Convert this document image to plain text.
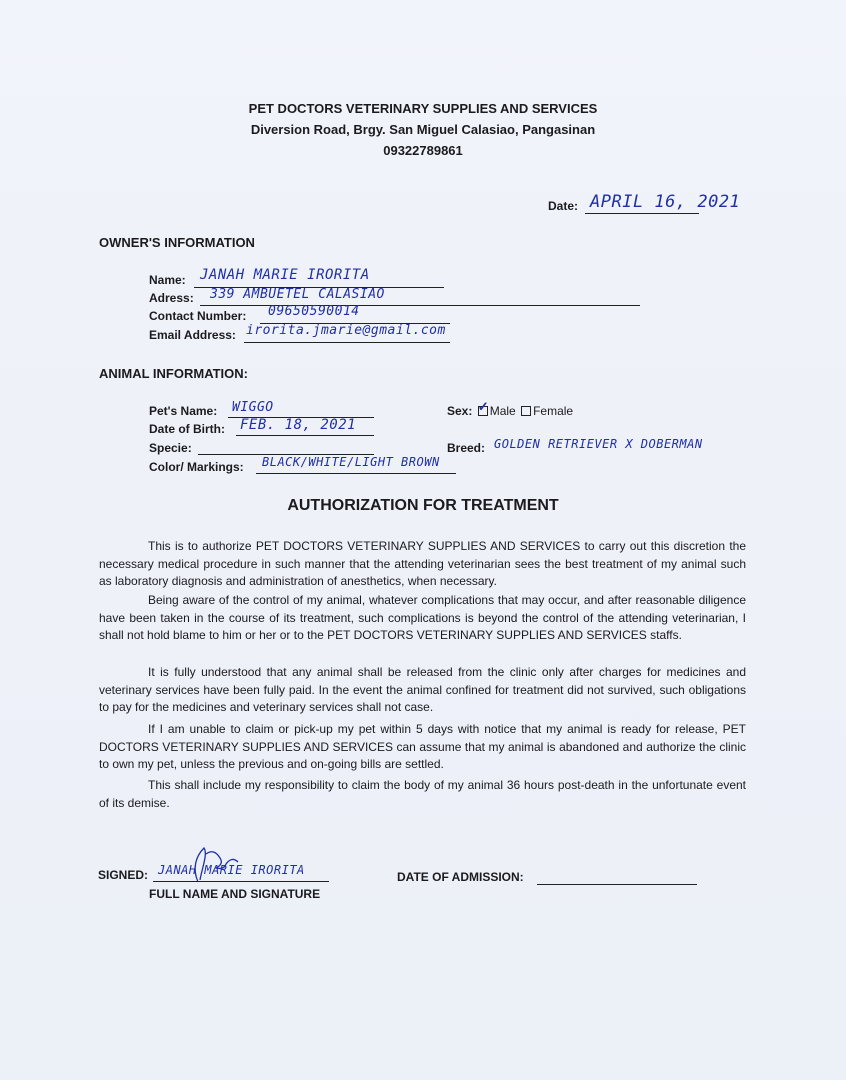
PET DOCTORS VETERINARY SUPPLIES AND SERVICES
Diversion Road, Brgy. San Miguel Calasiao, Pangasinan
09322789861
Date: APRIL 16, 2021
OWNER'S INFORMATION
Name: JANAH MARIE IRORITA
Adress: 339 AMBUETEL CALASIAO
Contact Number: 09650590014
Email Address: irorita.jmarie@gmail.com
ANIMAL INFORMATION:
Pet's Name: WIGGO
Date of Birth: FEB. 18, 2021
Specie:
Color/ Markings: BLACK/WHITE/LIGHT BROWN
Sex: ✓ Male Female
Breed: GOLDEN RETRIEVER X DOBERMAN
AUTHORIZATION FOR TREATMENT
This is to authorize PET DOCTORS VETERINARY SUPPLIES AND SERVICES to carry out this discretion the necessary medical procedure in such manner that the attending veterinarian sees the best treatment of my animal such as laboratory diagnosis and administration of anesthetics, when necessary.
Being aware of the control of my animal, whatever complications that may occur, and after reasonable diligence have been taken in the course of its treatment, such complications is beyond the control of the attending veterinarian, I shall not hold blame to him or her or to the PET DOCTORS VETERINARY SUPPLIES AND SERVICES staffs.
It is fully understood that any animal shall be released from the clinic only after charges for medicines and veterinary services have been fully paid. In the event the animal confined for treatment did not survived, such obligations to pay for the medicines and veterinary services shall not case.
If I am unable to claim or pick-up my pet within 5 days with notice that my animal is ready for release, PET DOCTORS VETERINARY SUPPLIES AND SERVICES can assume that my animal is abandoned and authorize the clinic to own my pet, unless the previous and on-going bills are settled.
This shall include my responsibility to claim the body of my animal 36 hours post-death in the unfortunate event of its demise.
SIGNED: JANAH MARIE IRORITA
FULL NAME AND SIGNATURE
DATE OF ADMISSION:
